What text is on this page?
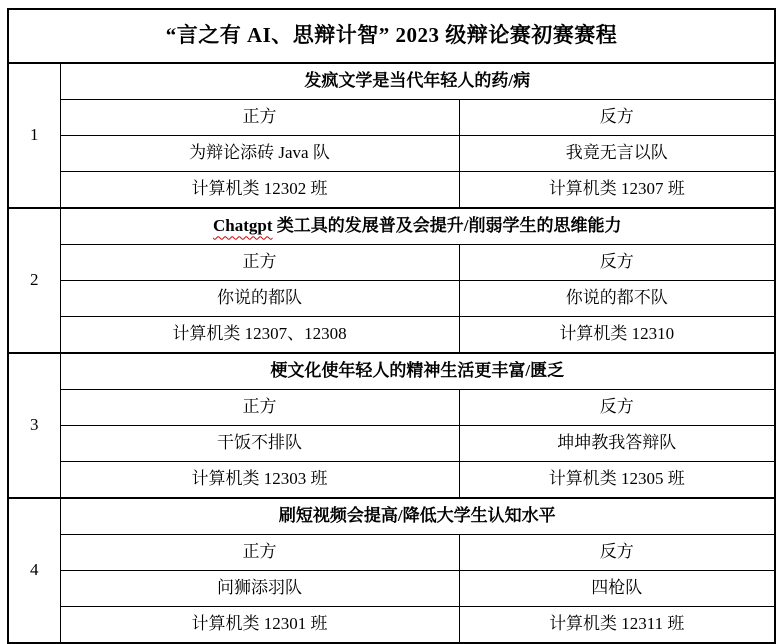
“言之有 AI、思辩计智” 2023 级辩论赛初赛赛程		
1	发疯文学是当代年轻人的药/病	
	正方	反方
	为辩论添砖 Java 队	我竟无言以队
	计算机类 12302 班	计算机类 12307 班
2	Chatgpt 类工具的发展普及会提升/削弱学生的思维能力	
	正方	反方
	你说的都队	你说的都不队
	计算机类 12307、12308	计算机类 12310
3	梗文化使年轻人的精神生活更丰富/匮乏	
	正方	反方
	干饭不排队	坤坤教我答辩队
	计算机类 12303 班	计算机类 12305 班
4	刷短视频会提高/降低大学生认知水平	
	正方	反方
	问狮添羽队	四枪队
	计算机类 12301 班	计算机类 12311 班
